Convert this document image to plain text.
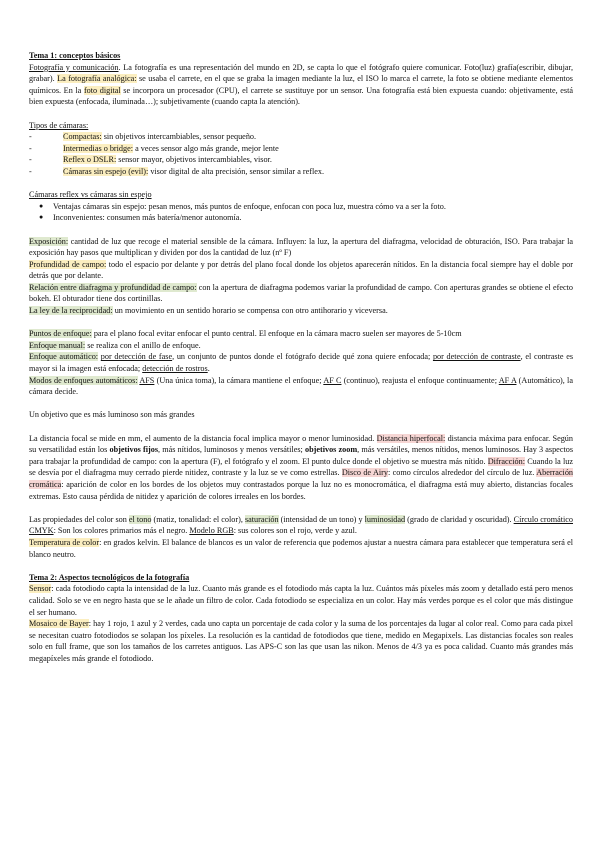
Tema 1: conceptos básicos

Fotografía y comunicación. La fotografía es una representación del mundo en 2D, se capta lo que el fotógrafo quiere comunicar. Foto(luz) grafía(escribir, dibujar, grabar). La fotografía analógica: se usaba el carrete, en el que se graba la imagen mediante la luz, el ISO lo marca el carrete, la foto se obtiene mediante elementos químicos. En la foto digital se incorpora un procesador (CPU), el carrete se sustituye por un sensor. Una fotografía está bien expuesta cuando: objetivamente, está bien expuesta (enfocada, iluminada…); subjetivamente (cuando capta la atención).

Tipos de cámaras:

-	Compactas: sin objetivos intercambiables, sensor pequeño.
-	Intermedias o bridge: a veces sensor algo más grande, mejor lente
-	Reflex o DSLR: sensor mayor, objetivos intercambiables, visor.
-	Cámaras sin espejo (evil): visor digital de alta precisión, sensor similar a reflex.

Cámaras reflex vs cámaras sin espejo

●	Ventajas cámaras sin espejo: pesan menos, más puntos de enfoque, enfocan con poca luz, muestra cómo va a ser la foto.
●	Inconvenientes: consumen más batería/menor autonomía.

Exposición: cantidad de luz que recoge el material sensible de la cámara. Influyen: la luz, la apertura del diafragma, velocidad de obturación, ISO. Para trabajar la exposición hay pasos que multiplican y dividen por dos la cantidad de luz (nº F)

Profundidad de campo: todo el espacio por delante y por detrás del plano focal donde los objetos aparecerán nítidos. En la distancia focal siempre hay el doble por detrás que por delante.

Relación entre diafragma y profundidad de campo: con la apertura de diafragma podemos variar la profundidad de campo. Con aperturas grandes se obtiene el efecto bokeh. El obturador tiene dos cortinillas.

La ley de la reciprocidad: un movimiento en un sentido horario se compensa con otro antihorario y viceversa.

Puntos de enfoque: para el plano focal evitar enfocar el punto central. El enfoque en la cámara macro suelen ser mayores de 5-10cm

Enfoque manual: se realiza con el anillo de enfoque.

Enfoque automático: por detección de fase, un conjunto de puntos donde el fotógrafo decide qué zona quiere enfocada; por detección de contraste, el contraste es mayor si la imagen está enfocada; detección de rostros.

Modos de enfoques automáticos: AFS (Una única toma), la cámara mantiene el enfoque; AF C (continuo), reajusta el enfoque continuamente; AF A (Automático), la cámara decide.

Un objetivo que es más luminoso son más grandes

La distancia focal se mide en mm, el aumento de la distancia focal implica mayor o menor luminosidad. Distancia hiperfocal: distancia máxima para enfocar. Según su versatilidad están los objetivos fijos, más nítidos, luminosos y menos versátiles; objetivos zoom, más versátiles, menos nítidos, menos luminosos. Hay 3 aspectos para trabajar la profundidad de campo: con la apertura (F), el fotógrafo y el zoom. El punto dulce donde el objetivo se muestra más nítido. Difracción: Cuando la luz se desvía por el diafragma muy cerrado pierde nitidez, contraste y la luz se ve como estrellas. Disco de Airy: como círculos alrededor del círculo de luz. Aberración cromática: aparición de color en los bordes de los objetos muy contrastados porque la luz no es monocromática, el diafragma está muy abierto, distancias focales extremas. Esto causa pérdida de nitidez y aparición de colores irreales en los bordes.

Las propiedades del color son el tono (matiz, tonalidad: el color), saturación (intensidad de un tono) y luminosidad (grado de claridad y oscuridad). Círculo cromático CMYK: Son los colores primarios más el negro. Modelo RGB: sus colores son el rojo, verde y azul.

Temperatura de color: en grados kelvin. El balance de blancos es un valor de referencia que podemos ajustar a nuestra cámara para establecer que temperatura será el blanco neutro.

Tema 2: Aspectos tecnológicos de la fotografía

Sensor: cada fotodiodo capta la intensidad de la luz. Cuanto más grande es el fotodiodo más capta la luz. Cuántos más píxeles más zoom y detallado está pero menos calidad. Solo se ve en negro hasta que se le añade un filtro de color. Cada fotodiodo se especializa en un color. Hay más verdes porque es el color que más distingue el ser humano.

Mosaico de Bayer: hay 1 rojo, 1 azul y 2 verdes, cada uno capta un porcentaje de cada color y la suma de los porcentajes da lugar al color real. Como para cada pixel se necesitan cuatro fotodiodos se solapan los píxeles. La resolución es la cantidad de fotodiodos que tiene, medido en Megapixels. Las distancias focales son reales solo en full frame, que son los tamaños de los carretes antiguos. Las APS-C son las que usan las nikon. Menos de 4/3 ya es poca calidad. Cuanto más grandes más megapíxeles más grande el fotodiodo.
